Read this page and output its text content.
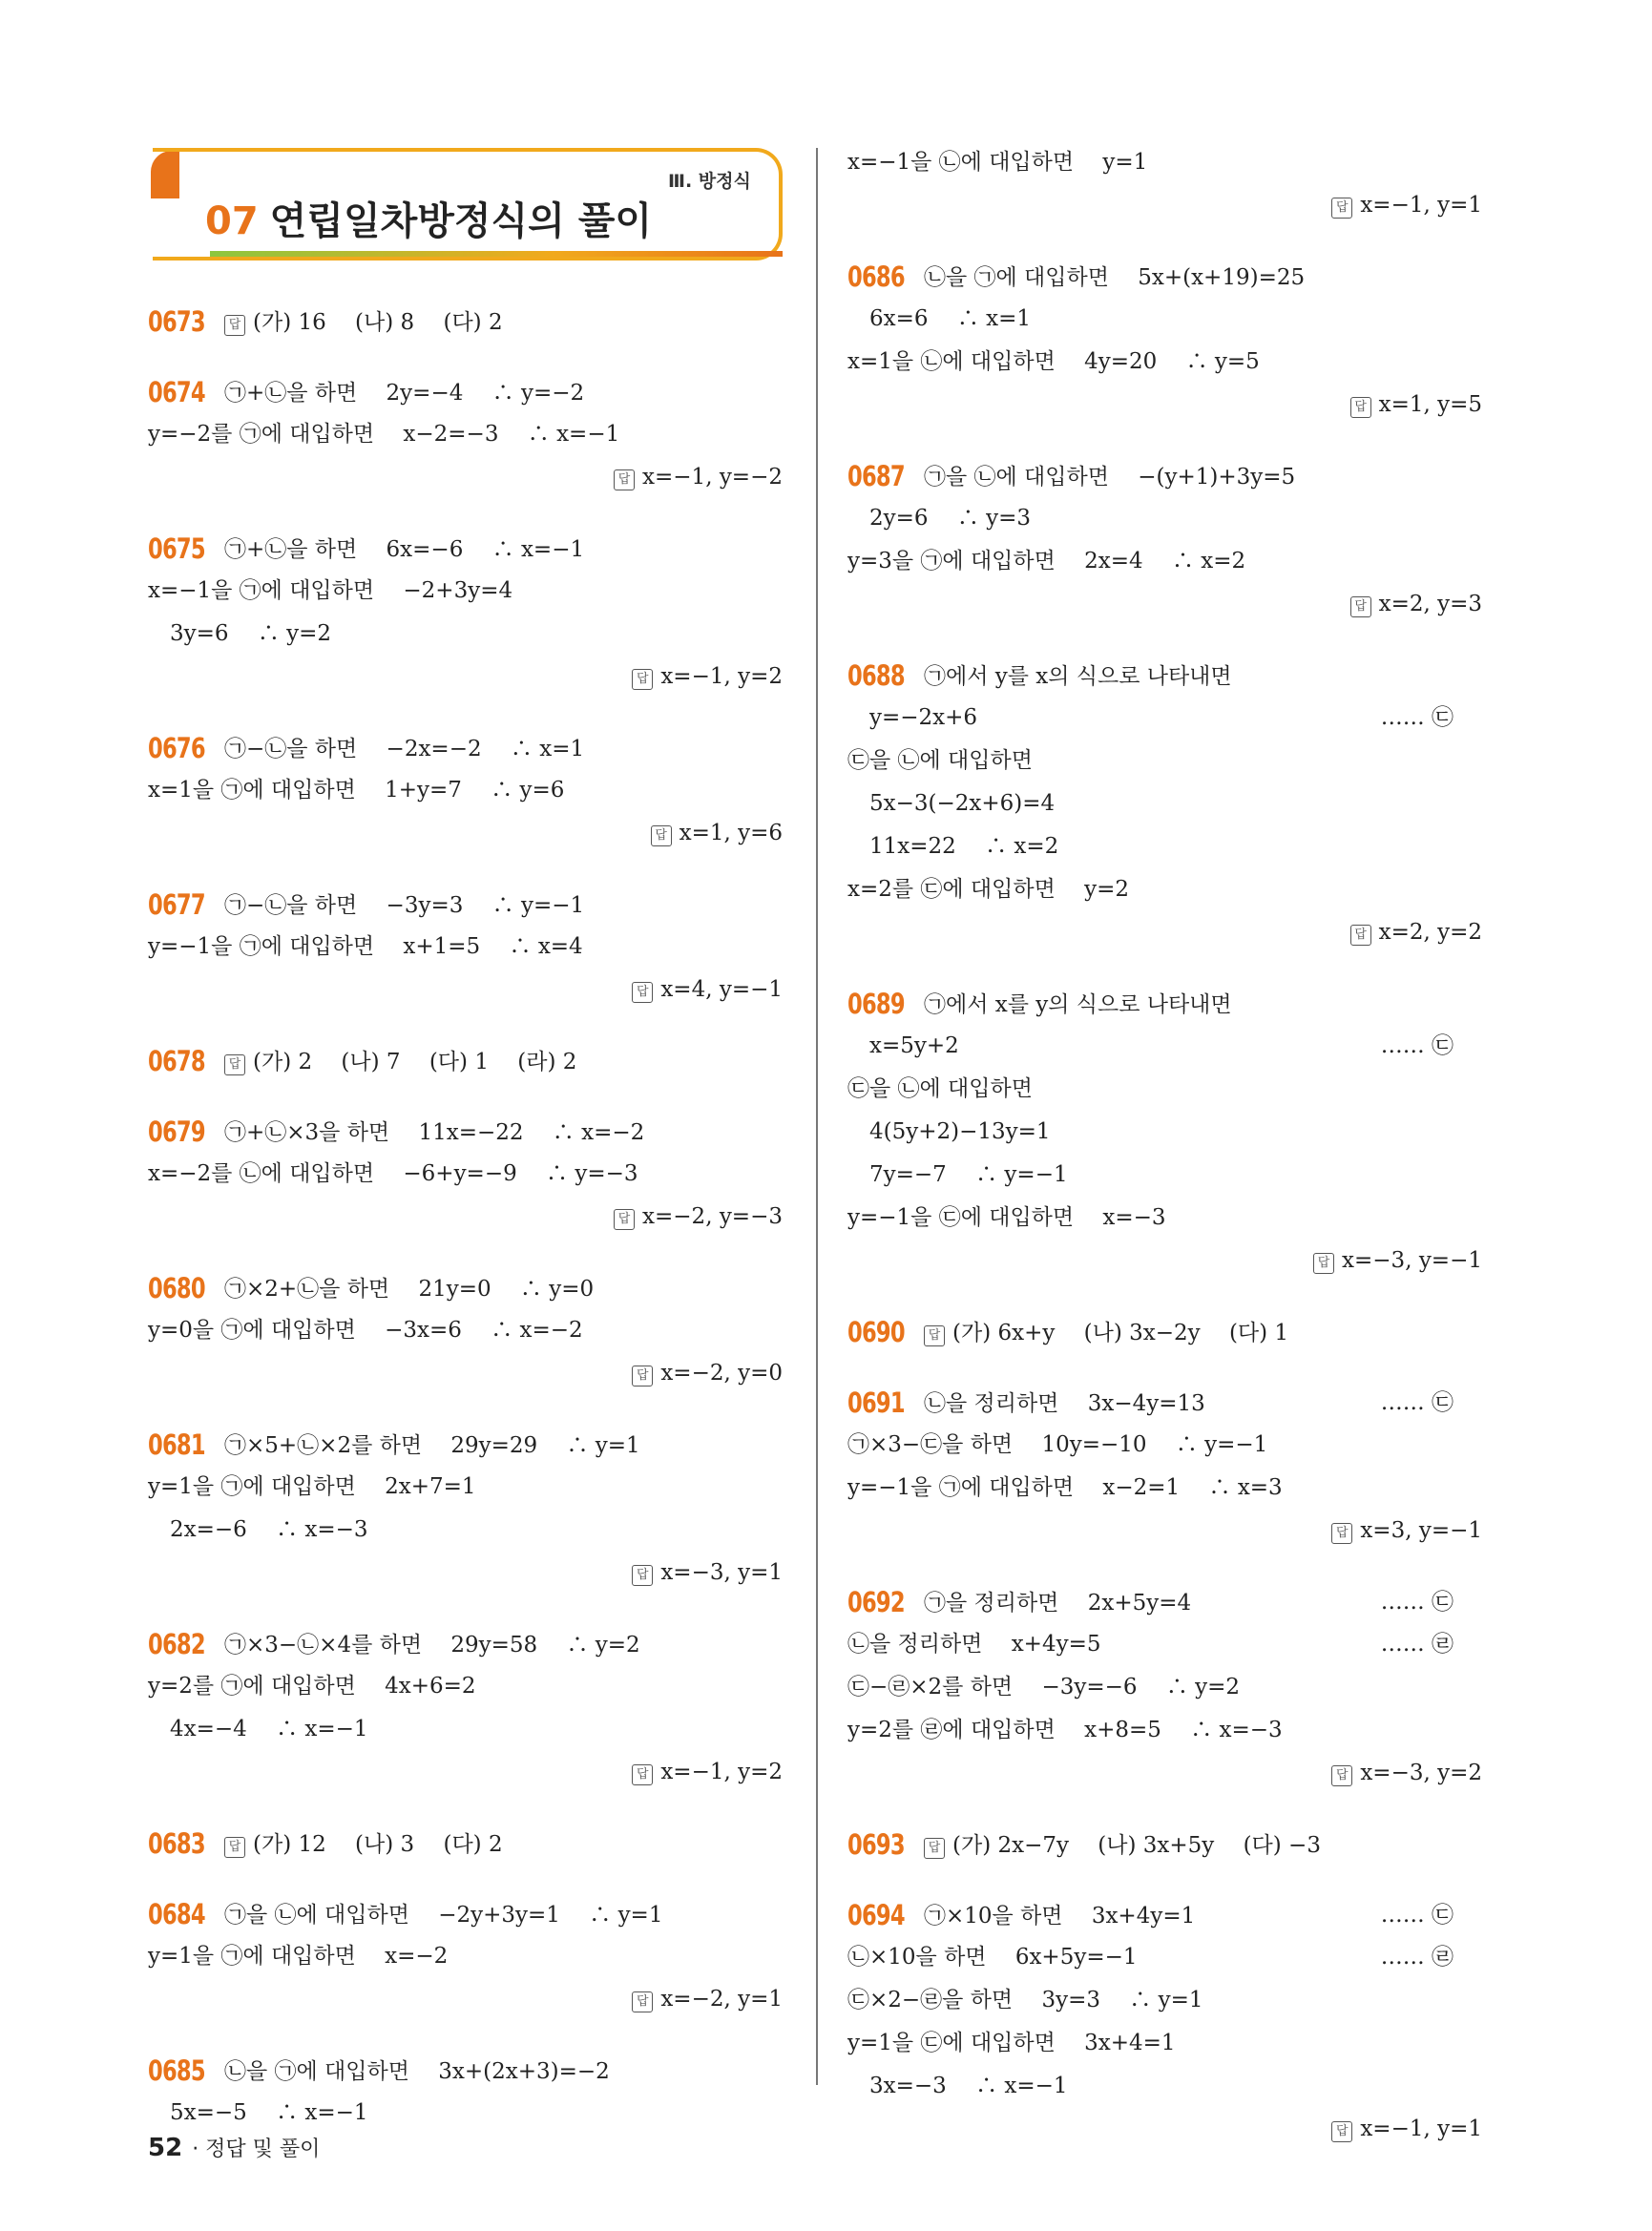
Ⅲ. 방정식
07 연립일차방정식의 풀이
0673 답 (가) 16　 (나) 8　 (다) 2
0674 ㉠+㉡을 하면　 2y=−4　 ∴ y=−2
y=−2를 ㉠에 대입하면　 x−2=−3　 ∴ x=−1
답 x=−1, y=−2
0675 ㉠+㉡을 하면　 6x=−6　 ∴ x=−1
x=−1을 ㉠에 대입하면　 −2+3y=4
　3y=6　 ∴ y=2
답 x=−1, y=2
0676 ㉠−㉡을 하면　 −2x=−2　 ∴ x=1
x=1을 ㉠에 대입하면　 1+y=7　 ∴ y=6
답 x=1, y=6
0677 ㉠−㉡을 하면　 −3y=3　 ∴ y=−1
y=−1을 ㉠에 대입하면　 x+1=5　 ∴ x=4
답 x=4, y=−1
0678 답 (가) 2　 (나) 7　 (다) 1　 (라) 2
0679 ㉠+㉡×3을 하면　 11x=−22　 ∴ x=−2
x=−2를 ㉡에 대입하면　 −6+y=−9　 ∴ y=−3
답 x=−2, y=−3
0680 ㉠×2+㉡을 하면　 21y=0　 ∴ y=0
y=0을 ㉠에 대입하면　 −3x=6　 ∴ x=−2
답 x=−2, y=0
0681 ㉠×5+㉡×2를 하면　 29y=29　 ∴ y=1
y=1을 ㉠에 대입하면　 2x+7=1
　2x=−6　 ∴ x=−3
답 x=−3, y=1
0682 ㉠×3−㉡×4를 하면　 29y=58　 ∴ y=2
y=2를 ㉠에 대입하면　 4x+6=2
　4x=−4　 ∴ x=−1
답 x=−1, y=2
0683 답 (가) 12　 (나) 3　 (다) 2
0684 ㉠을 ㉡에 대입하면　 −2y+3y=1　 ∴ y=1
y=1을 ㉠에 대입하면　 x=−2
답 x=−2, y=1
0685 ㉡을 ㉠에 대입하면　 3x+(2x+3)=−2
　5x=−5　 ∴ x=−1
x=−1을 ㉡에 대입하면　 y=1
답 x=−1, y=1
0686 ㉡을 ㉠에 대입하면　 5x+(x+19)=25
　6x=6　 ∴ x=1
x=1을 ㉡에 대입하면　 4y=20　 ∴ y=5
답 x=1, y=5
0687 ㉠을 ㉡에 대입하면　 −(y+1)+3y=5
　2y=6　 ∴ y=3
y=3을 ㉠에 대입하면　 2x=4　 ∴ x=2
답 x=2, y=3
0688 ㉠에서 y를 x의 식으로 나타내면
　y=−2x+6	…… ㉢
㉢을 ㉡에 대입하면
　5x−3(−2x+6)=4
　11x=22　 ∴ x=2
x=2를 ㉢에 대입하면　 y=2
답 x=2, y=2
0689 ㉠에서 x를 y의 식으로 나타내면
　x=5y+2	…… ㉢
㉢을 ㉡에 대입하면
　4(5y+2)−13y=1
　7y=−7　 ∴ y=−1
y=−1을 ㉢에 대입하면　 x=−3
답 x=−3, y=−1
0690 답 (가) 6x+y　 (나) 3x−2y　 (다) 1
0691 ㉡을 정리하면　 3x−4y=13	…… ㉢
㉠×3−㉢을 하면　 10y=−10　 ∴ y=−1
y=−1을 ㉠에 대입하면　 x−2=1　 ∴ x=3
답 x=3, y=−1
0692 ㉠을 정리하면　 2x+5y=4	…… ㉢
㉡을 정리하면　 x+4y=5	…… ㉣
㉢−㉣×2를 하면　 −3y=−6　 ∴ y=2
y=2를 ㉣에 대입하면　 x+8=5　 ∴ x=−3
답 x=−3, y=2
0693 답 (가) 2x−7y　 (나) 3x+5y　 (다) −3
0694 ㉠×10을 하면　 3x+4y=1	…… ㉢
㉡×10을 하면　 6x+5y=−1	…… ㉣
㉢×2−㉣을 하면　 3y=3　 ∴ y=1
y=1을 ㉢에 대입하면　 3x+4=1
　3x=−3　 ∴ x=−1
답 x=−1, y=1
52 · 정답 및 풀이
